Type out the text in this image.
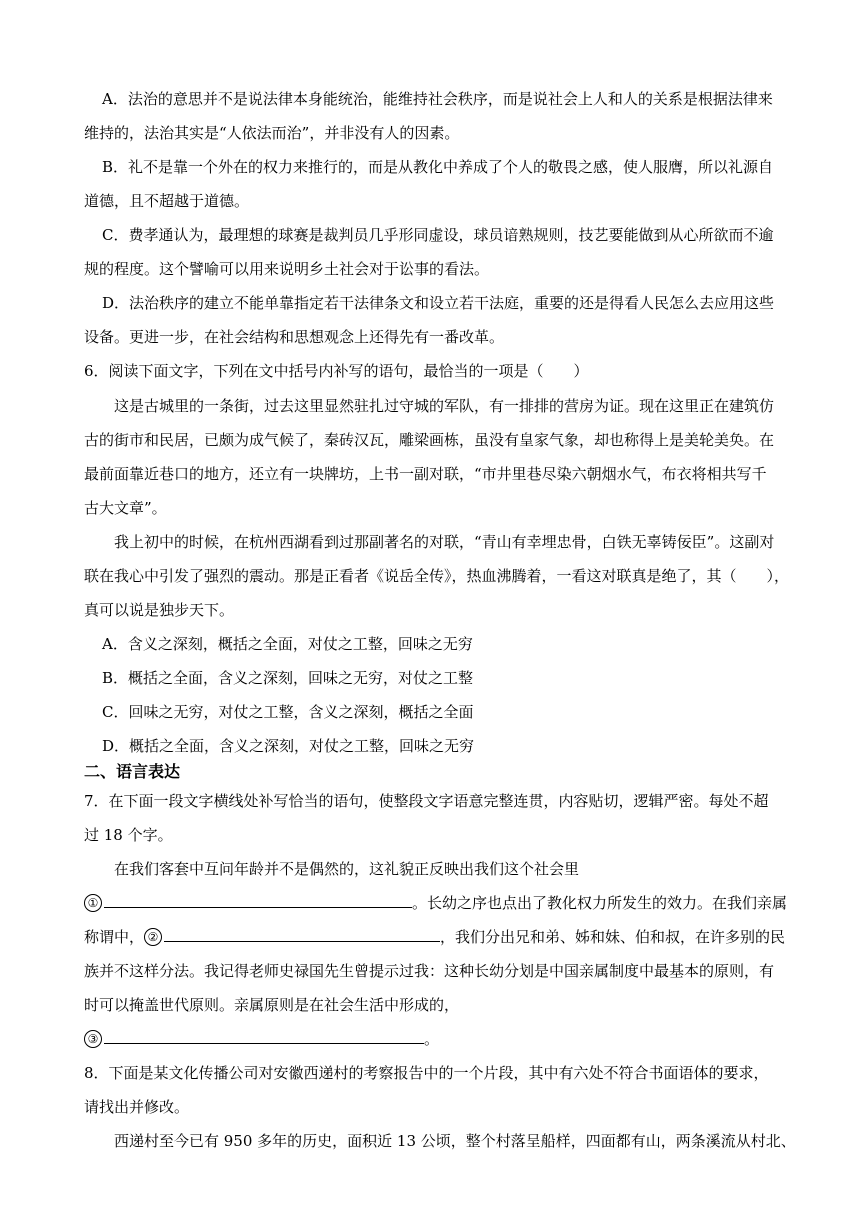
A．法治的意思并不是说法律本身能统治，能维持社会秩序，而是说社会上人和人的关系是根据法律来
维持的，法治其实是“人依法而治”，并非没有人的因素。
B．礼不是靠一个外在的权力来推行的，而是从教化中养成了个人的敬畏之感，使人服膺，所以礼源自
道德，且不超越于道德。
C．费孝通认为，最理想的球赛是裁判员几乎形同虚设，球员谙熟规则，技艺要能做到从心所欲而不逾
规的程度。这个譬喻可以用来说明乡土社会对于讼事的看法。
D．法治秩序的建立不能单靠指定若干法律条文和设立若干法庭，重要的还是得看人民怎么去应用这些
设备。更进一步，在社会结构和思想观念上还得先有一番改革。
6．阅读下面文字，下列在文中括号内补写的语句，最恰当的一项是（　　）
这是古城里的一条街，过去这里显然驻扎过守城的军队，有一排排的营房为证。现在这里正在建筑仿
古的街市和民居，已颇为成气候了，秦砖汉瓦，雕梁画栋，虽没有皇家气象，却也称得上是美轮美奂。在
最前面靠近巷口的地方，还立有一块牌坊，上书一副对联，“市井里巷尽染六朝烟水气，布衣将相共写千
古大文章”。
我上初中的时候，在杭州西湖看到过那副著名的对联，“青山有幸埋忠骨，白铁无辜铸佞臣”。这副对
联在我心中引发了强烈的震动。那是正看者《说岳全传》，热血沸腾着，一看这对联真是绝了，其（　　），
真可以说是独步天下。
A．含义之深刻，概括之全面，对仗之工整，回味之无穷
B．概括之全面，含义之深刻，回味之无穷，对仗之工整
C．回味之无穷，对仗之工整，含义之深刻，概括之全面
D．概括之全面，含义之深刻，对仗之工整，回味之无穷
二、语言表达
7．在下面一段文字横线处补写恰当的语句，使整段文字语意完整连贯，内容贴切，逻辑严密。每处不超
过 18 个字。
在我们客套中互问年龄并不是偶然的，这礼貌正反映出我们这个社会里
①	。长幼之序也点出了教化权力所发生的效力。在我们亲属
称谓中， ②	，我们分出兄和弟、姊和妹、伯和叔，在许多别的民
族并不这样分法。我记得老师史禄国先生曾提示过我：这种长幼分划是中国亲属制度中最基本的原则，有
时可以掩盖世代原则。亲属原则是在社会生活中形成的，
③	。
8．下面是某文化传播公司对安徽西递村的考察报告中的一个片段，其中有六处不符合书面语体的要求，
请找出并修改。
西递村至今已有 950 多年的历史，面积近 13 公顷，整个村落呈船样，四面都有山，两条溪流从村北、
